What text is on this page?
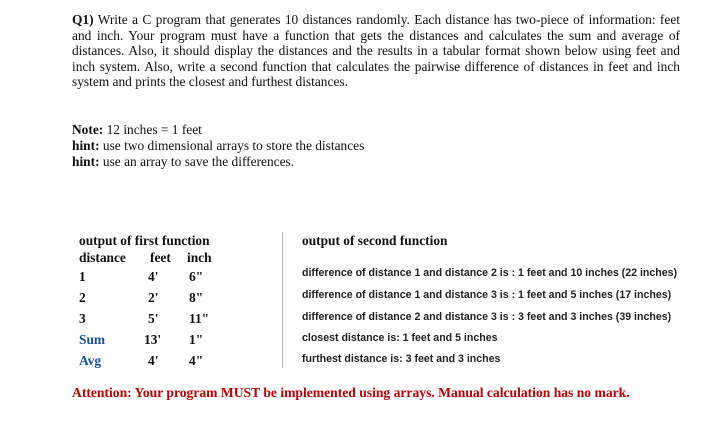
Q1) Write a C program that generates 10 distances randomly. Each distance has two-piece of information: feet and inch. Your program must have a function that gets the distances and calculates the sum and average of distances. Also, it should display the distances and the results in a tabular format shown below using feet and inch system. Also, write a second function that calculates the pairwise difference of distances in feet and inch system and prints the closest and furthest distances.

Note: 12 inches = 1 feet
hint: use two dimensional arrays to store the distances
hint: use an array to save the differences.
output of first function
distance feet inch
1	4' 6"
2	2' 8"
3	5' 11"
Sum	13' 1"
Avg	4' 4"
output of second function
difference of distance 1 and distance 2 is : 1 feet and 10 inches (22 inches)
difference of distance 1 and distance 3 is : 1 feet and 5 inches (17 inches)
difference of distance 2 and distance 3 is : 3 feet and 3 inches (39 inches)
closest distance is: 1 feet and 5 inches
furthest distance is: 3 feet and 3 inches
Attention: Your program MUST be implemented using arrays. Manual calculation has no mark.
